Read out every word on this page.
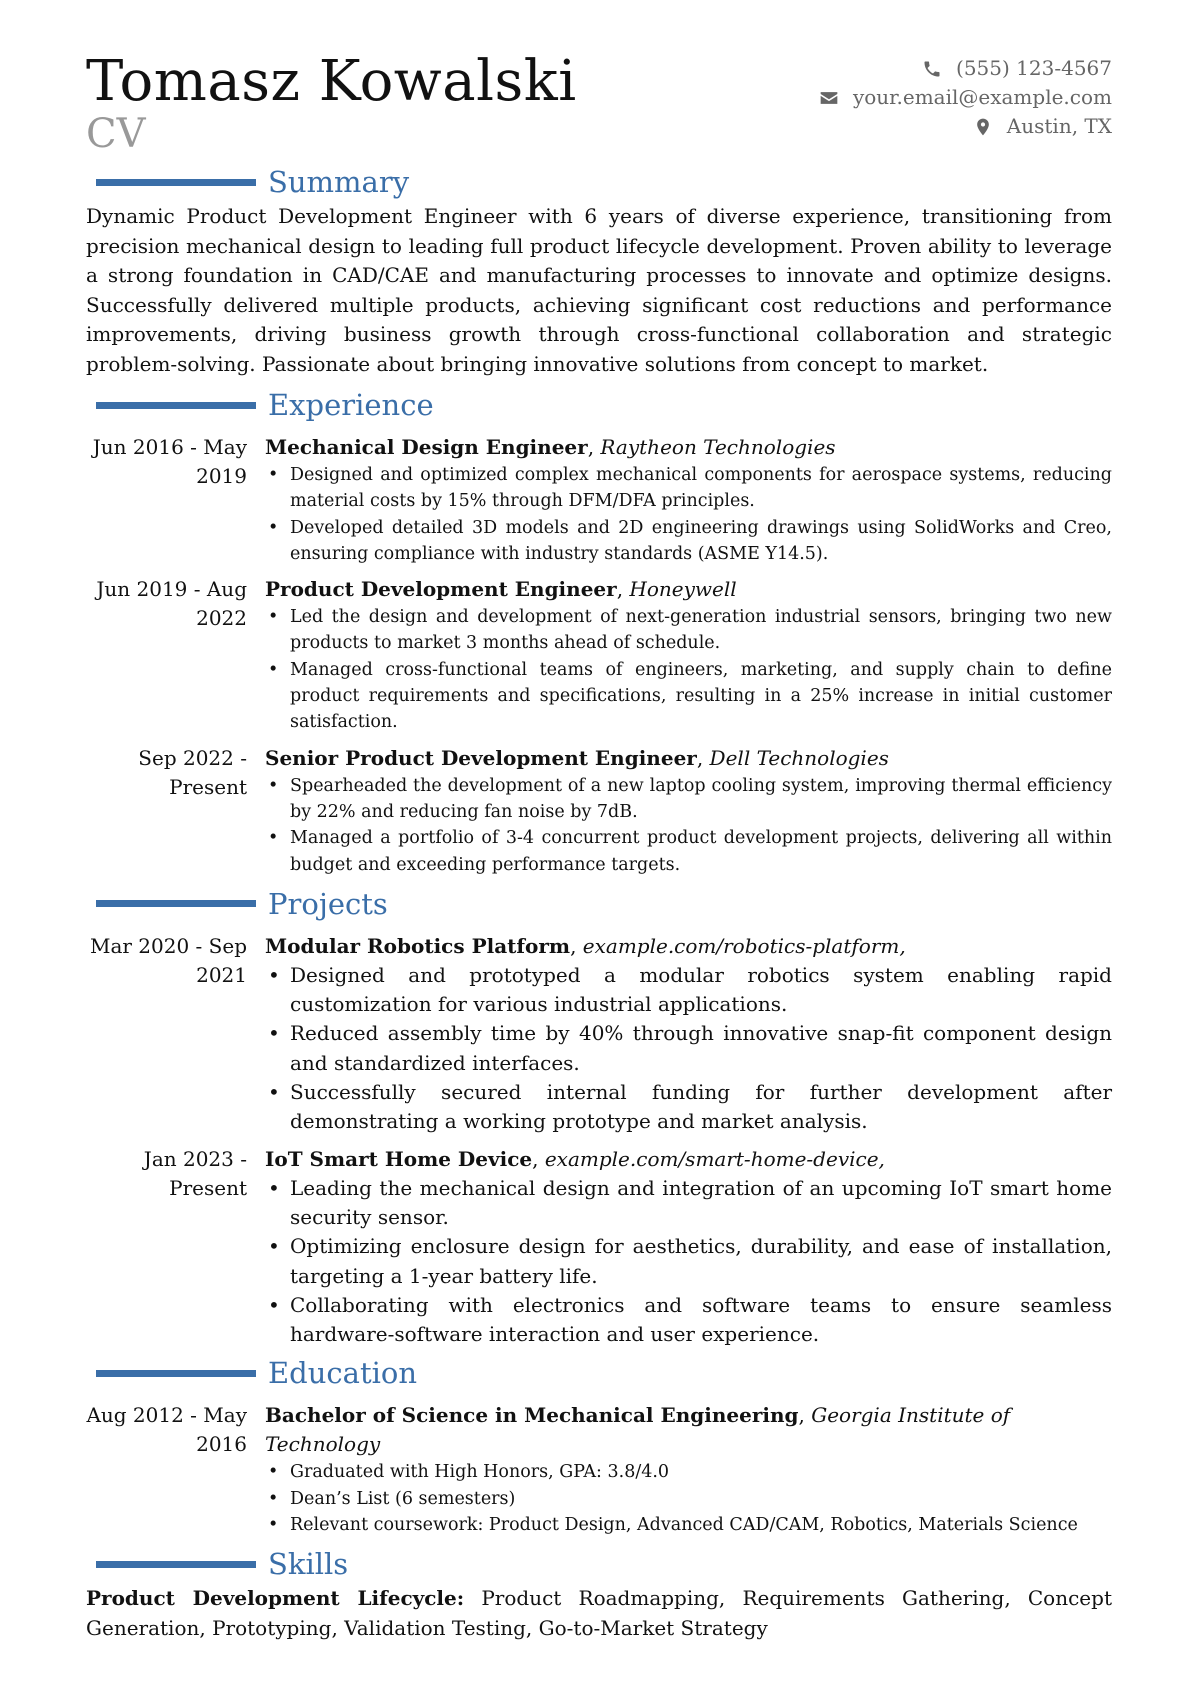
Tomasz Kowalski
CV
(555) 123-4567
your.email@example.com
Austin, TX
Summary

Dynamic Product Development Engineer with 6 years of diverse experience, transitioning from precision mechanical design to leading full product lifecycle development. Proven ability to leverage a strong foundation in CAD/CAE and manufacturing processes to innovate and optimize designs. Successfully delivered multiple products, achieving significant cost reductions and performance improvements, driving business growth through cross-functional collaboration and strategic problem-solving. Passionate about bringing innovative solutions from concept to market.

Experience
Jun 2016 - May 2019
Mechanical Design Engineer, Raytheon Technologies
• Designed and optimized complex mechanical components for aerospace systems, reducing material costs by 15% through DFM/DFA principles.
• Developed detailed 3D models and 2D engineering drawings using SolidWorks and Creo, ensuring compliance with industry standards (ASME Y14.5).
Jun 2019 - Aug 2022
Product Development Engineer, Honeywell
• Led the design and development of next-generation industrial sensors, bringing two new products to market 3 months ahead of schedule.
• Managed cross-functional teams of engineers, marketing, and supply chain to define product requirements and specifications, resulting in a 25% increase in initial customer satisfaction.
Sep 2022 - Present
Senior Product Development Engineer, Dell Technologies
• Spearheaded the development of a new laptop cooling system, improving thermal efficiency by 22% and reducing fan noise by 7dB.
• Managed a portfolio of 3-4 concurrent product development projects, delivering all within budget and exceeding performance targets.
Projects
Mar 2020 - Sep 2021
Modular Robotics Platform, example.com/robotics-platform,
• Designed and prototyped a modular robotics system enabling rapid customization for various industrial applications.
• Reduced assembly time by 40% through innovative snap-fit component design and standardized interfaces.
• Successfully secured internal funding for further development after demonstrating a working prototype and market analysis.
Jan 2023 - Present
IoT Smart Home Device, example.com/smart-home-device,
• Leading the mechanical design and integration of an upcoming IoT smart home security sensor.
• Optimizing enclosure design for aesthetics, durability, and ease of installation, targeting a 1-year battery life.
• Collaborating with electronics and software teams to ensure seamless hardware-software interaction and user experience.
Education
Aug 2012 - May 2016
Bachelor of Science in Mechanical Engineering, Georgia Institute of Technology
• Graduated with High Honors, GPA: 3.8/4.0
• Dean’s List (6 semesters)
• Relevant coursework: Product Design, Advanced CAD/CAM, Robotics, Materials Science
Skills

Product Development Lifecycle: Product Roadmapping, Requirements Gathering, Concept Generation, Prototyping, Validation Testing, Go-to-Market Strategy
